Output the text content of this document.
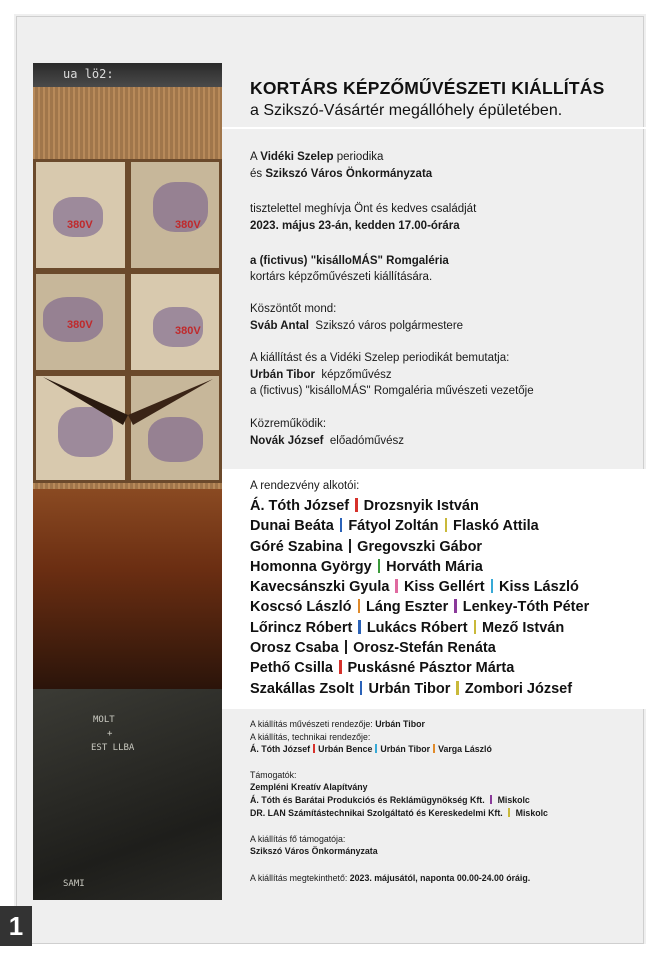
ua lö2:
380V	380V
380V	380V
MOLT
+
EST LLBA
SAMI
1
KORTÁRS KÉPZŐMŰVÉSZETI KIÁLLÍTÁS
a Szikszó-Vásártér megállóhely épületében.
A Vidéki Szelep periodika
és Szikszó Város Önkormányzata
tisztelettel meghívja Önt és kedves családját
2023. május 23-án, kedden 17.00-órára
a (fictivus) "kisálloMÁS" Romgaléria
kortárs képzőművészeti kiállítására.
Köszöntőt mond:
Sváb Antal Szikszó város polgármestere
A kiállítást és a Vidéki Szelep periodikát bemutatja:
Urbán Tibor képzőművész
a (fictivus) "kisálloMÁS" Romgaléria művészeti vezetője
Közreműködik:
Novák József előadóművész
A rendezvény alkotói:
Á. Tóth József Drozsnyik István
Dunai Beáta Fátyol Zoltán Flaskó Attila
Góré Szabina Gregovszki Gábor
Homonna György Horváth Mária
Kavecsánszki Gyula Kiss Gellért Kiss László
Koscsó László Láng Eszter Lenkey-Tóth Péter
Lőrincz Róbert Lukács Róbert Mező István
Orosz Csaba Orosz-Stefán Renáta
Pethő Csilla Puskásné Pásztor Márta
Szakállas Zsolt Urbán Tibor Zombori József
A kiállítás művészeti rendezője: Urbán Tibor
A kiállítás, technikai rendezője:
Á. Tóth József Urbán Bence Urbán Tibor Varga László
Támogatók:
Zempléni Kreatív Alapítvány
Á. Tóth és Barátai Produkciós és Reklámügynökség Kft. Miskolc
DR. LAN Számítástechnikai Szolgáltató és Kereskedelmi Kft. Miskolc
A kiállítás fő támogatója:
Szikszó Város Önkormányzata
A kiállítás megtekinthető: 2023. májusától, naponta 00.00-24.00 óráig.
